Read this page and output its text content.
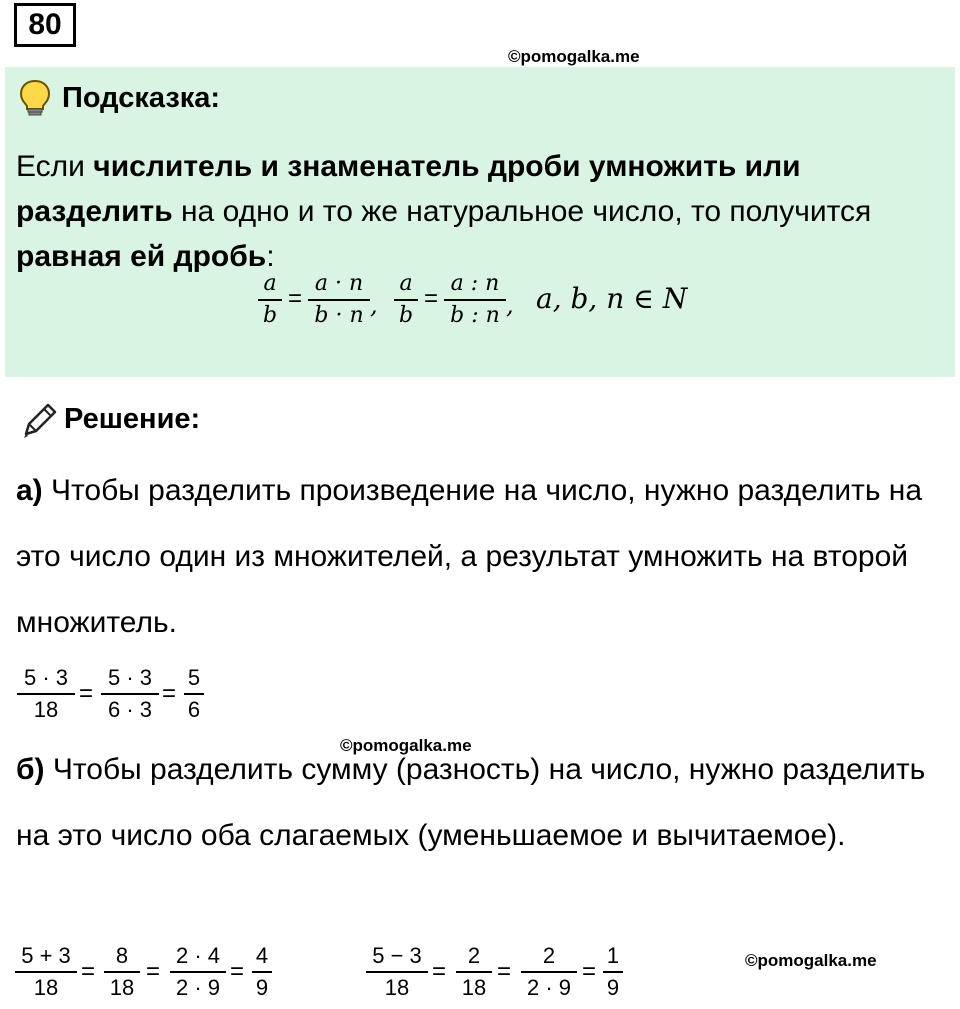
80
©pomogalka.me
Подсказка:
Если числитель и знаменатель дроби умножить или разделить на одно и то же натуральное число, то получится равная ей дробь:
a
b
=
a · n
b · n ,
a
b
=
a : n
b : n , a, b, n ∈ N
Решение:
а) Чтобы разделить произведение на число, нужно разделить на это число один из множителей, а результат умножить на второй множитель.
5 · 3
18
=
5 · 3
6 · 3
=
5
6
©pomogalka.me
б) Чтобы разделить сумму (разность) на число, нужно разделить на это число оба слагаемых (уменьшаемое и вычитаемое).
5 + 3
18
=
8
18
=
2 · 4
2 · 9
=
4
9
5 − 3
18
=
2
18
=
2
2 · 9
=
1
9
©pomogalka.me
